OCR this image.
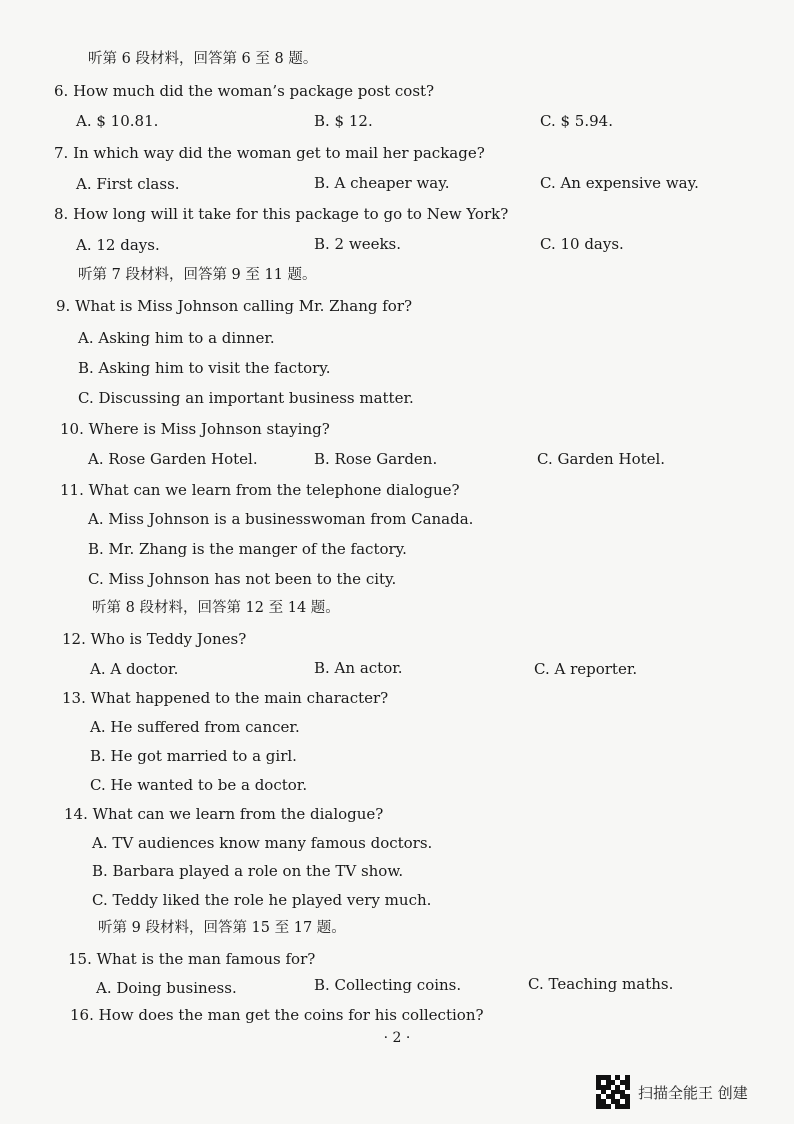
听第 6 段材料，回答第 6 至 8 题。
6. How much did the woman’s package post cost?
A. $ 10.81.	B. $ 12.	C. $ 5.94.
7. In which way did the woman get to mail her package?
A. First class.	B. A cheaper way.	C. An expensive way.
8. How long will it take for this package to go to New York?
A. 12 days.	B. 2 weeks.	C. 10 days.
听第 7 段材料，回答第 9 至 11 题。
9. What is Miss Johnson calling Mr. Zhang for?
A. Asking him to a dinner.
B. Asking him to visit the factory.
C. Discussing an important business matter.
10. Where is Miss Johnson staying?
A. Rose Garden Hotel.	B. Rose Garden.	C. Garden Hotel.
11. What can we learn from the telephone dialogue?
A. Miss Johnson is a businesswoman from Canada.
B. Mr. Zhang is the manger of the factory.
C. Miss Johnson has not been to the city.
听第 8 段材料，回答第 12 至 14 题。
12. Who is Teddy Jones?
A. A doctor.	B. An actor.	C. A reporter.
13. What happened to the main character?
A. He suffered from cancer.
B. He got married to a girl.
C. He wanted to be a doctor.
14. What can we learn from the dialogue?
A. TV audiences know many famous doctors.
B. Barbara played a role on the TV show.
C. Teddy liked the role he played very much.
听第 9 段材料，回答第 15 至 17 题。
15. What is the man famous for?
A. Doing business.	B. Collecting coins.	C. Teaching maths.
16. How does the man get the coins for his collection?
· 2 ·
扫描全能王 创建
